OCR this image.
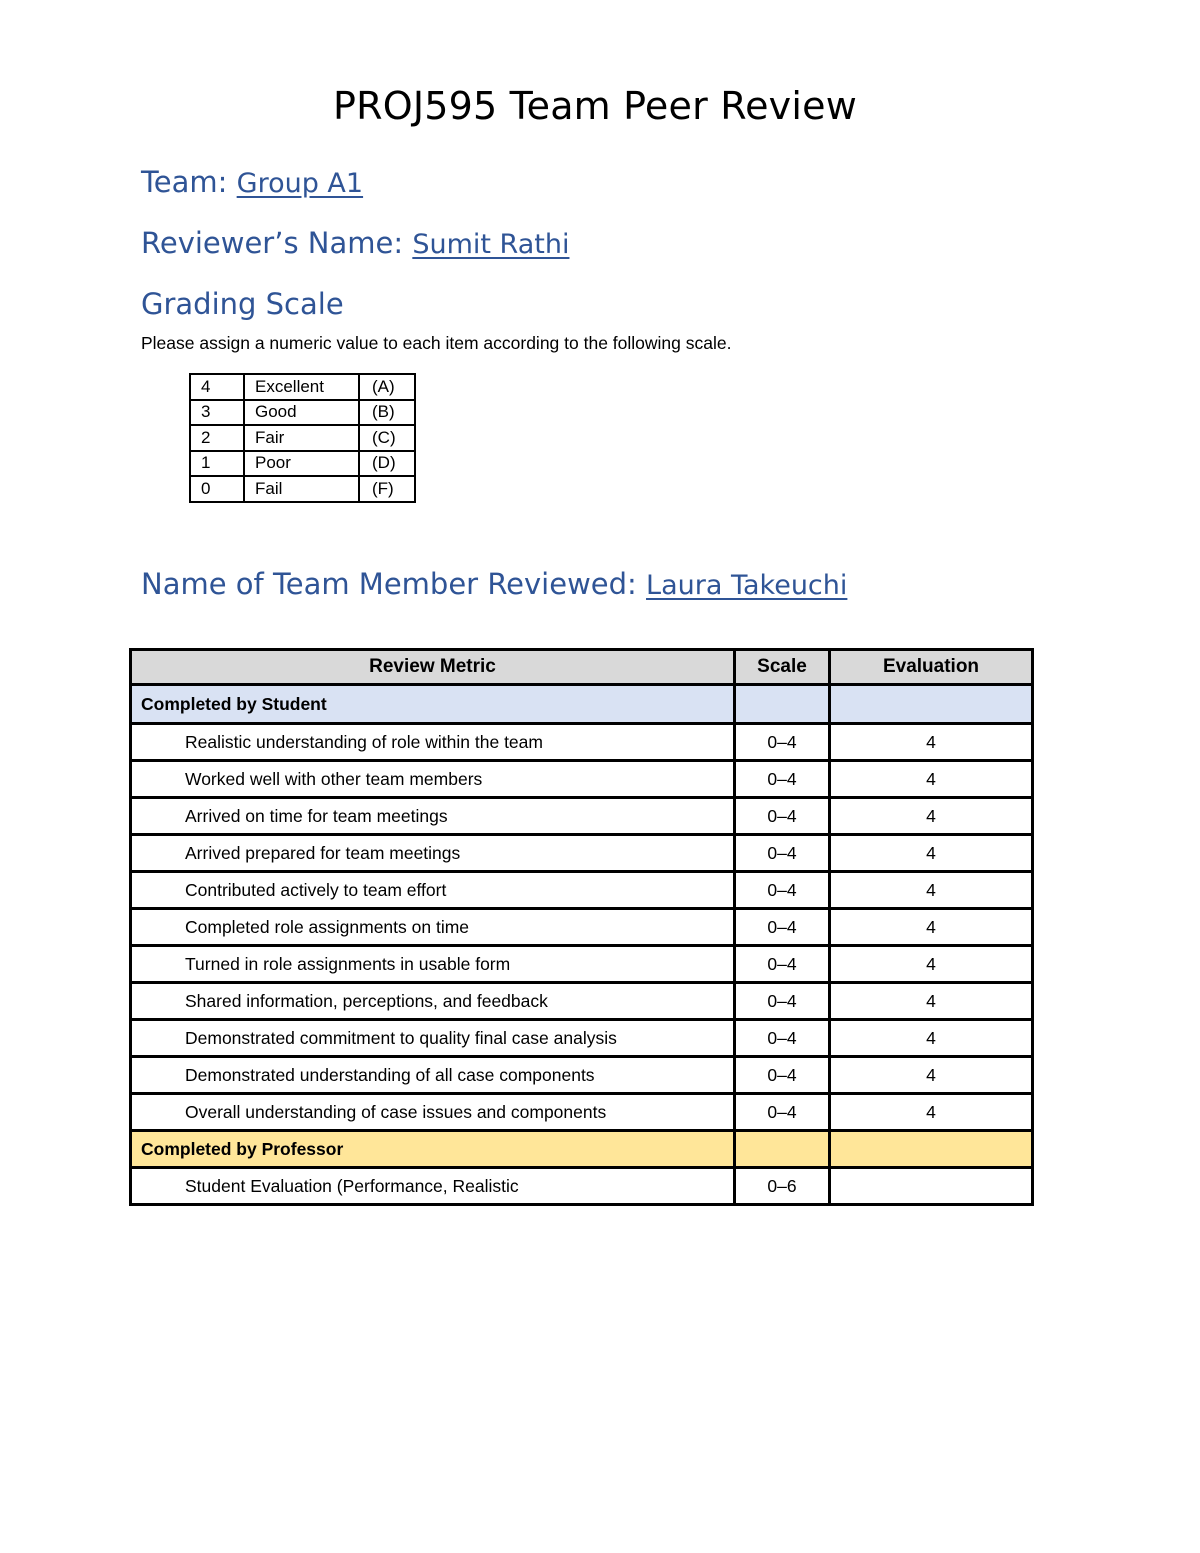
PROJ595 Team Peer Review

Team: Group A1

Reviewer’s Name: Sumit Rathi

Grading Scale

Please assign a numeric value to each item according to the following scale.

4	Excellent	(A)
3	Good	(B)
2	Fair	(C)
1	Poor	(D)
0	Fail	(F)

Name of Team Member Reviewed: Laura Takeuchi

Review Metric	Scale	Evaluation
Completed by Student		
Realistic understanding of role within the team	0–4	4
Worked well with other team members	0–4	4
Arrived on time for team meetings	0–4	4
Arrived prepared for team meetings	0–4	4
Contributed actively to team effort	0–4	4
Completed role assignments on time	0–4	4
Turned in role assignments in usable form	0–4	4
Shared information, perceptions, and feedback	0–4	4
Demonstrated commitment to quality final case analysis	0–4	4
Demonstrated understanding of all case components	0–4	4
Overall understanding of case issues and components	0–4	4
Completed by Professor		
Student Evaluation (Performance, Realistic	0–6	
